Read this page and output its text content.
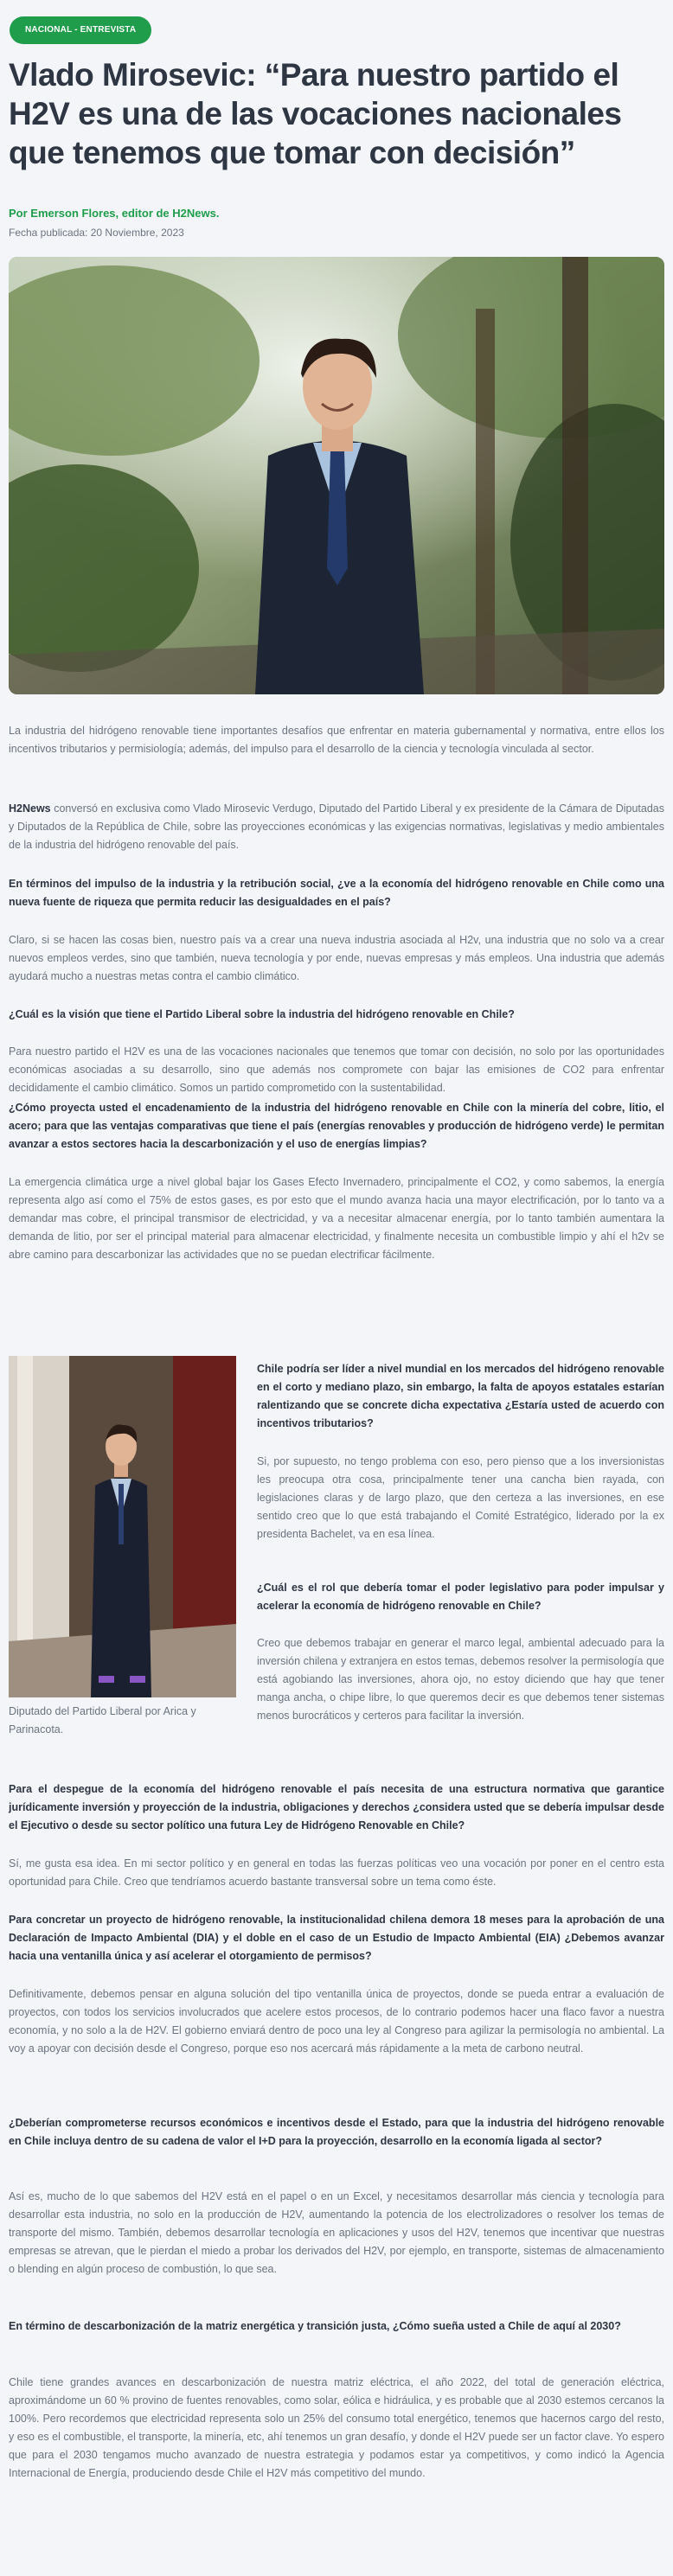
NACIONAL - ENTREVISTA
Vlado Mirosevic: “Para nuestro partido el H2V es una de las vocaciones nacionales que tenemos que tomar con decisión”
Por Emerson Flores, editor de H2News.
Fecha publicada: 20 Noviembre, 2023

La industria del hidrógeno renovable tiene importantes desafíos que enfrentar en materia gubernamental y normativa, entre ellos los incentivos tributarios y permisiología; además, del impulso para el desarrollo de la ciencia y tecnología vinculada al sector.

H2News conversó en exclusiva como Vlado Mirosevic Verdugo, Diputado del Partido Liberal y ex presidente de la Cámara de Diputadas y Diputados de la República de Chile, sobre las proyecciones económicas y las exigencias normativas, legislativas y medio ambientales de la industria del hidrógeno renovable del país.

En términos del impulso de la industria y la retribución social, ¿ve a la economía del hidrógeno renovable en Chile como una nueva fuente de riqueza que permita reducir las desigualdades en el país?

Claro, si se hacen las cosas bien, nuestro país va a crear una nueva industria asociada al H2v, una industria que no solo va a crear nuevos empleos verdes, sino que también, nueva tecnología y por ende, nuevas empresas y más empleos. Una industria que además ayudará mucho a nuestras metas contra el cambio climático.

¿Cuál es la visión que tiene el Partido Liberal sobre la industria del hidrógeno renovable en Chile?

Para nuestro partido el H2V es una de las vocaciones nacionales que tenemos que tomar con decisión, no solo por las oportunidades económicas asociadas a su desarrollo, sino que además nos compromete con bajar las emisiones de CO2 para enfrentar decididamente el cambio climático. Somos un partido comprometido con la sustentabilidad.

¿Cómo proyecta usted el encadenamiento de la industria del hidrógeno renovable en Chile con la minería del cobre, litio, el acero; para que las ventajas comparativas que tiene el país (energías renovables y producción de hidrógeno verde) le permitan avanzar a estos sectores hacia la descarbonización y el uso de energías limpias?

La emergencia climática urge a nivel global bajar los Gases Efecto Invernadero, principalmente el CO2, y como sabemos, la energía representa algo así como el 75% de estos gases, es por esto que el mundo avanza hacia una mayor electrificación, por lo tanto va a demandar mas cobre, el principal transmisor de electricidad, y va a necesitar almacenar energía, por lo tanto también aumentara la demanda de litio, por ser el principal material para almacenar electricidad, y finalmente necesita un combustible limpio y ahí el h2v se abre camino para descarbonizar las actividades que no se puedan electrificar fácilmente.

Diputado del Partido Liberal por Arica y Parinacota.

Chile podría ser líder a nivel mundial en los mercados del hidrógeno renovable en el corto y mediano plazo, sin embargo, la falta de apoyos estatales estarían ralentizando que se concrete dicha expectativa ¿Estaría usted de acuerdo con incentivos tributarios?

Si, por supuesto, no tengo problema con eso, pero pienso que a los inversionistas les preocupa otra cosa, principalmente tener una cancha bien rayada, con legislaciones claras y de largo plazo, que den certeza a las inversiones, en ese sentido creo que lo que está trabajando el Comité Estratégico, liderado por la ex presidenta Bachelet, va en esa línea.

¿Cuál es el rol que debería tomar el poder legislativo para poder impulsar y acelerar la economía de hidrógeno renovable en Chile?

Creo que debemos trabajar en generar el marco legal, ambiental adecuado para la inversión chilena y extranjera en estos temas, debemos resolver la permisología que está agobiando las inversiones, ahora ojo, no estoy diciendo que hay que tener manga ancha, o chipe libre, lo que queremos decir es que debemos tener sistemas menos burocráticos y certeros para facilitar la inversión.

Para el despegue de la economía del hidrógeno renovable el país necesita de una estructura normativa que garantice jurídicamente inversión y proyección de la industria, obligaciones y derechos ¿considera usted que se debería impulsar desde el Ejecutivo o desde su sector político una futura Ley de Hidrógeno Renovable en Chile?

Sí, me gusta esa idea. En mi sector político y en general en todas las fuerzas políticas veo una vocación por poner en el centro esta oportunidad para Chile. Creo que tendríamos acuerdo bastante transversal sobre un tema como éste.

Para concretar un proyecto de hidrógeno renovable, la institucionalidad chilena demora 18 meses para la aprobación de una Declaración de Impacto Ambiental (DIA) y el doble en el caso de un Estudio de Impacto Ambiental (EIA) ¿Debemos avanzar hacia una ventanilla única y así acelerar el otorgamiento de permisos?

Definitivamente, debemos pensar en alguna solución del tipo ventanilla única de proyectos, donde se pueda entrar a evaluación de proyectos, con todos los servicios involucrados que acelere estos procesos, de lo contrario podemos hacer una flaco favor a nuestra economía, y no solo a la de H2V. El gobierno enviará dentro de poco una ley al Congreso para agilizar la permisología no ambiental. La voy a apoyar con decisión desde el Congreso, porque eso nos acercará más rápidamente a la meta de carbono neutral.

¿Deberían comprometerse recursos económicos e incentivos desde el Estado, para que la industria del hidrógeno renovable en Chile incluya dentro de su cadena de valor el I+D para la proyección, desarrollo en la economía ligada al sector?

Así es, mucho de lo que sabemos del H2V está en el papel o en un Excel, y necesitamos desarrollar más ciencia y tecnología para desarrollar esta industria, no solo en la producción de H2V, aumentando la potencia de los electrolizadores o resolver los temas de transporte del mismo. También, debemos desarrollar tecnología en aplicaciones y usos del H2V, tenemos que incentivar que nuestras empresas se atrevan, que le pierdan el miedo a probar los derivados del H2V, por ejemplo, en transporte, sistemas de almacenamiento o blending en algún proceso de combustión, lo que sea.

En término de descarbonización de la matriz energética y transición justa, ¿Cómo sueña usted a Chile de aquí al 2030?

Chile tiene grandes avances en descarbonización de nuestra matriz eléctrica, el año 2022, del total de generación eléctrica, aproximándome un 60 % provino de fuentes renovables, como solar, eólica e hidráulica, y es probable que al 2030 estemos cercanos la 100%. Pero recordemos que electricidad representa solo un 25% del consumo total energético, tenemos que hacernos cargo del resto, y eso es el combustible, el transporte, la minería, etc, ahí tenemos un gran desafío, y donde el H2V puede ser un factor clave. Yo espero que para el 2030 tengamos mucho avanzado de nuestra estrategia y podamos estar ya competitivos, y como indicó la Agencia Internacional de Energía, produciendo desde Chile el H2V más competitivo del mundo.
